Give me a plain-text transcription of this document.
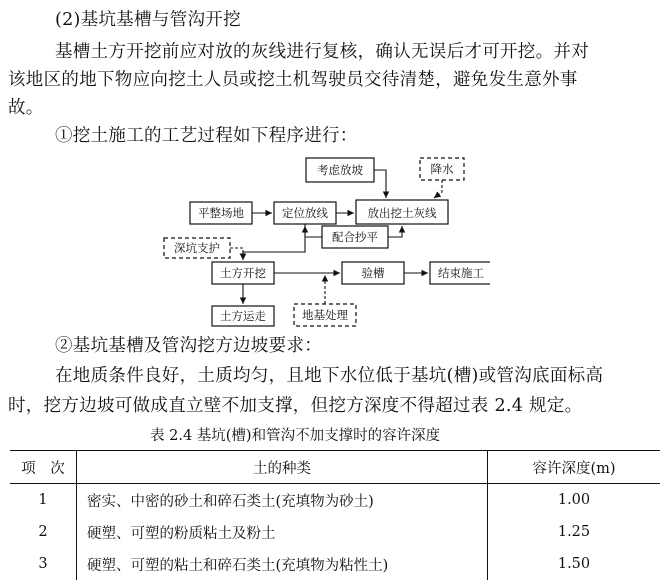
(2)基坑基槽与管沟开挖
基槽土方开挖前应对放的灰线进行复核，确认无误后才可开挖。并对
该地区的地下物应向挖土人员或挖土机驾驶员交待清楚，避免发生意外事
故。
①挖土施工的工艺过程如下程序进行：
考虑放坡	降水
平整场地	定位放线	放出挖土灰线
配合抄平
深坑支护
土方开挖	验槽	结束施工
土方运走	地基处理
②基坑基槽及管沟挖方边坡要求：
在地质条件良好，土质均匀，且地下水位低于基坑(槽)或管沟底面标高
时，挖方边坡可做成直立壁不加支撑，但挖方深度不得超过表 2.4 规定。
表 2.4 基坑(槽)和管沟不加支撑时的容许深度
项　次	土的种类	容许深度(m)
1	密实、中密的砂土和碎石类土(充填物为砂土)	1.00
2	硬塑、可塑的粉质粘土及粉土	1.25
3	硬塑、可塑的粘土和碎石类土(充填物为粘性土)	1.50
